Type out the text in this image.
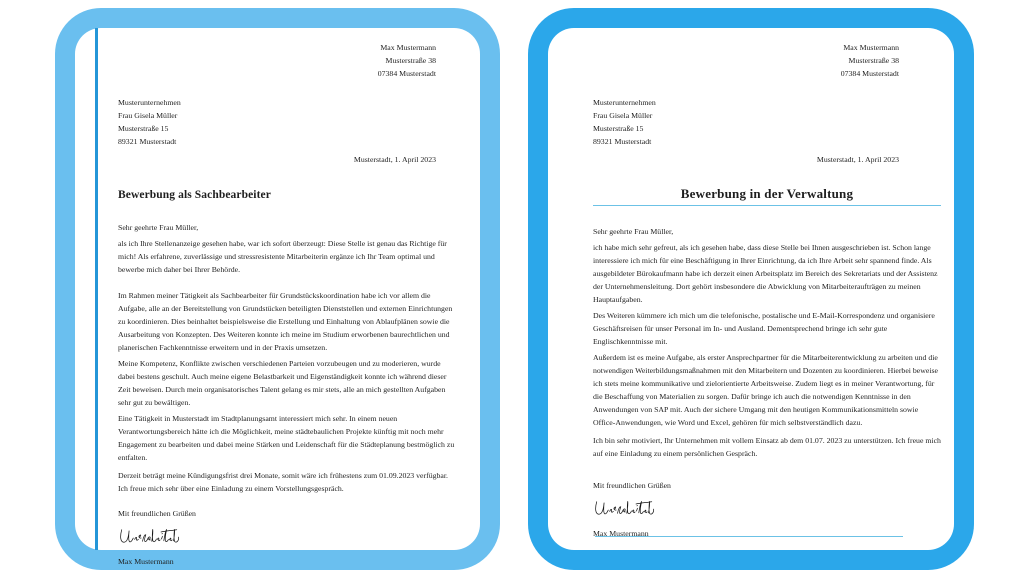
Max Mustermann
Musterstraße 38
07384 Musterstadt
Musterunternehmen
Frau Gisela Müller
Musterstraße 15
89321 Musterstadt
Musterstadt, 1. April 2023
Bewerbung als Sachbearbeiter
Sehr geehrte Frau Müller,

als ich Ihre Stellenanzeige gesehen habe, war ich sofort überzeugt: Diese Stelle ist genau das Richtige für mich! Als erfahrene, zuverlässige und stressresistente Mitarbeiterin ergänze ich Ihr Team optimal und bewerbe mich daher bei Ihrer Behörde.

Im Rahmen meiner Tätigkeit als Sachbearbeiter für Grundstückskoordination habe ich vor allem die Aufgabe, alle an der Bereitstellung von Grundstücken beteiligten Dienststellen und externen Einrichtungen zu koordinieren. Dies beinhaltet beispielsweise die Erstellung und Einhaltung von Ablaufplänen sowie die Ausarbeitung von Konzepten. Des Weiteren konnte ich meine im Studium erworbenen baurechtlichen und planerischen Fachkenntnisse erweitern und in der Praxis umsetzen.

Meine Kompetenz, Konflikte zwischen verschiedenen Parteien vorzubeugen und zu moderieren, wurde dabei bestens geschult. Auch meine eigene Belastbarkeit und Eigenständigkeit konnte ich während dieser Zeit beweisen. Durch mein organisatorisches Talent gelang es mir stets, alle an mich gestellten Aufgaben sehr gut zu bewältigen.

Eine Tätigkeit in Musterstadt im Stadtplanungsamt interessiert mich sehr. In einem neuen Verantwortungsbereich hätte ich die Möglichkeit, meine städtebaulichen Projekte künftig mit noch mehr Engagement zu bearbeiten und dabei meine Stärken und Leidenschaft für die Städteplanung bestmöglich zu entfalten.

Derzeit beträgt meine Kündigungsfrist drei Monate, somit wäre ich frühestens zum 01.09.2023 verfügbar. Ich freue mich sehr über eine Einladung zu einem Vorstellungsgespräch.

Mit freundlichen Grüßen
Max Mustermann
Max Mustermann
Musterstraße 38
07384 Musterstadt
Musterunternehmen
Frau Gisela Müller
Musterstraße 15
89321 Musterstadt
Musterstadt, 1. April 2023
Bewerbung in der Verwaltung
Sehr geehrte Frau Müller,

ich habe mich sehr gefreut, als ich gesehen habe, dass diese Stelle bei Ihnen ausgeschrieben ist. Schon lange interessiere ich mich für eine Beschäftigung in Ihrer Einrichtung, da ich Ihre Arbeit sehr spannend finde. Als ausgebildeter Bürokaufmann habe ich derzeit einen Arbeitsplatz im Bereich des Sekretariats und der Assistenz der Unternehmensleitung. Dort gehört insbesondere die Abwicklung von Mitarbeiteraufträgen zu meinen Hauptaufgaben.

Des Weiteren kümmere ich mich um die telefonische, postalische und E-Mail-Korrespondenz und organisiere Geschäftsreisen für unser Personal im In- und Ausland. Dementsprechend bringe ich sehr gute Englischkenntnisse mit.

Außerdem ist es meine Aufgabe, als erster Ansprechpartner für die Mitarbeiterentwicklung zu arbeiten und die notwendigen Weiterbildungsmaßnahmen mit den Mitarbeitern und Dozenten zu koordinieren. Hierbei beweise ich stets meine kommunikative und zielorientierte Arbeitsweise. Zudem liegt es in meiner Verantwortung, für die Beschaffung von Materialien zu sorgen. Dafür bringe ich auch die notwendigen Kenntnisse in den Anwendungen von SAP mit. Auch der sichere Umgang mit den heutigen Kommunikationsmitteln sowie Office-Anwendungen, wie Word und Excel, gehören für mich selbstverständlich dazu.

Ich bin sehr motiviert, Ihr Unternehmen mit vollem Einsatz ab dem 01.07. 2023 zu unterstützen. Ich freue mich auf eine Einladung zu einem persönlichen Gespräch.

Mit freundlichen Grüßen
Max Mustermann
